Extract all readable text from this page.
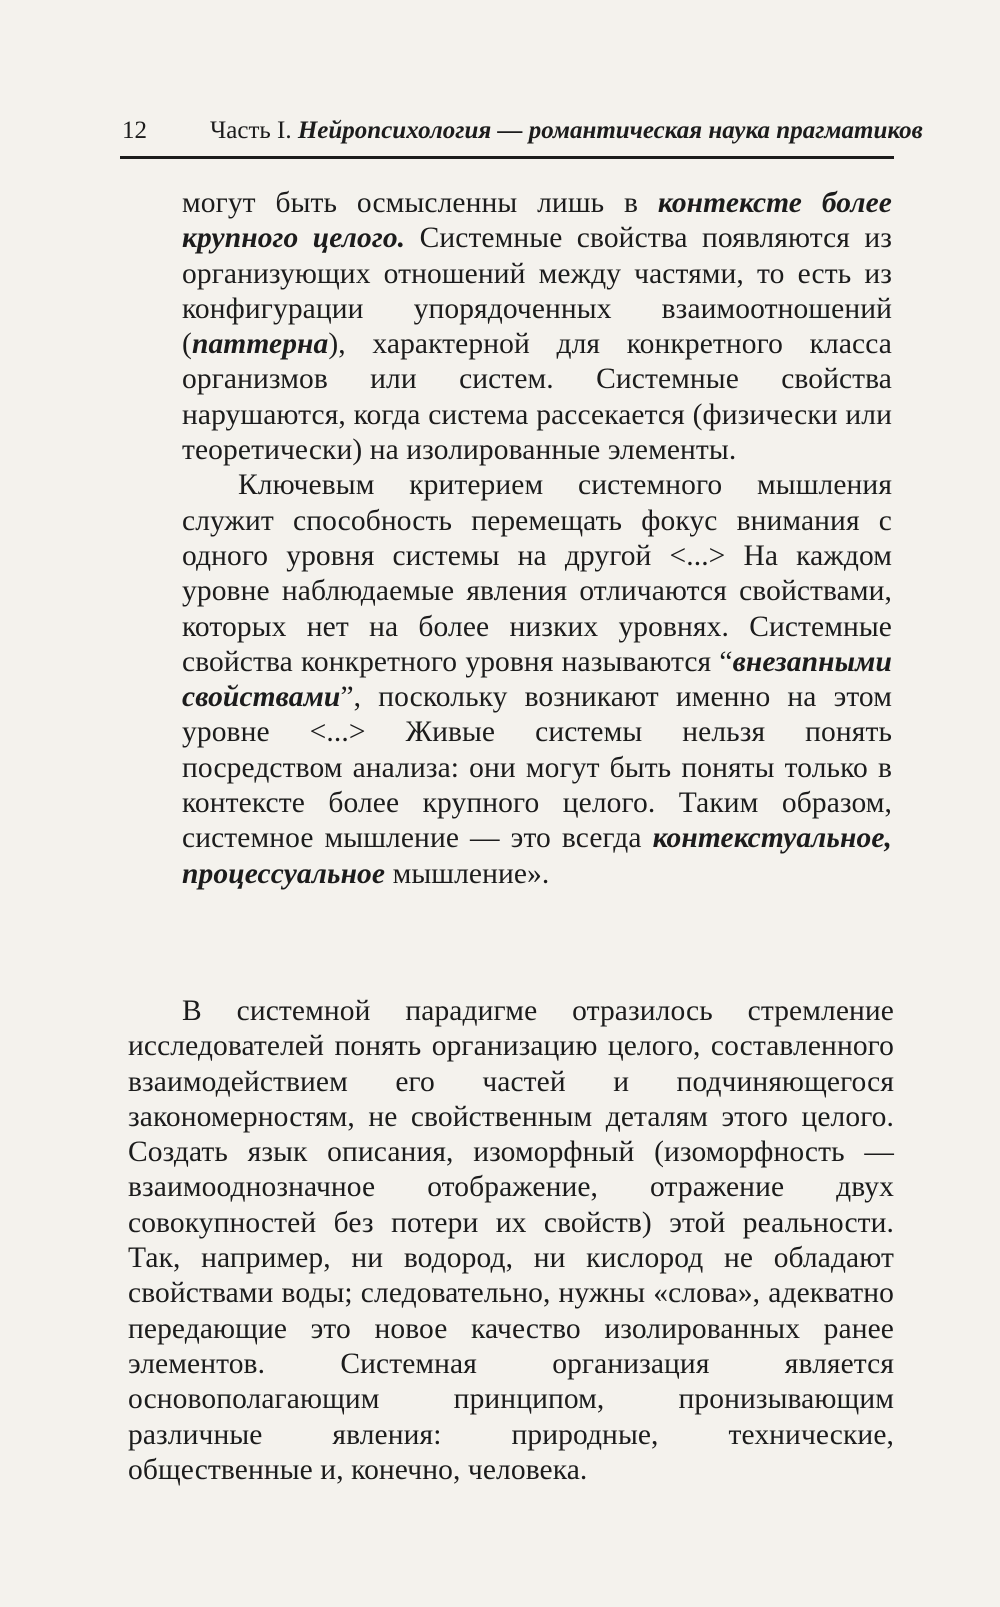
12	Часть I. Нейропсихология — романтическая наука прагматиков

могут быть осмысленны лишь в контексте более крупного целого. Системные свойства появляются из организующих отношений между частями, то есть из конфигурации упорядоченных взаимоотношений (паттерна), характерной для конкретного класса организмов или систем. Системные свойства нарушаются, когда система рассекается (физически или теоретически) на изолированные элементы.

Ключевым критерием системного мышления служит способность перемещать фокус внимания с одного уровня системы на другой <...> На каждом уровне наблюдаемые явления отличаются свойствами, которых нет на более низких уровнях. Системные свойства конкретного уровня называются “внезапными свойствами”, поскольку возникают именно на этом уровне <...> Живые системы нельзя понять посредством анализа: они могут быть поняты только в контексте более крупного целого. Таким образом, системное мышление — это всегда контекстуальное, процессуальное мышление».

В системной парадигме отразилось стремление исследователей понять организацию целого, составленного взаимодействием его частей и подчиняющегося закономерностям, не свойственным деталям этого целого. Создать язык описания, изоморфный (изоморфность — взаимооднозначное отображение, отражение двух совокупностей без потери их свойств) этой реальности. Так, например, ни водород, ни кислород не обладают свойствами воды; следовательно, нужны «слова», адекватно передающие это новое качество изолированных ранее элементов. Системная организация является основополагающим принципом, пронизывающим различные явления: природные, технические, общественные и, конечно, человека.
